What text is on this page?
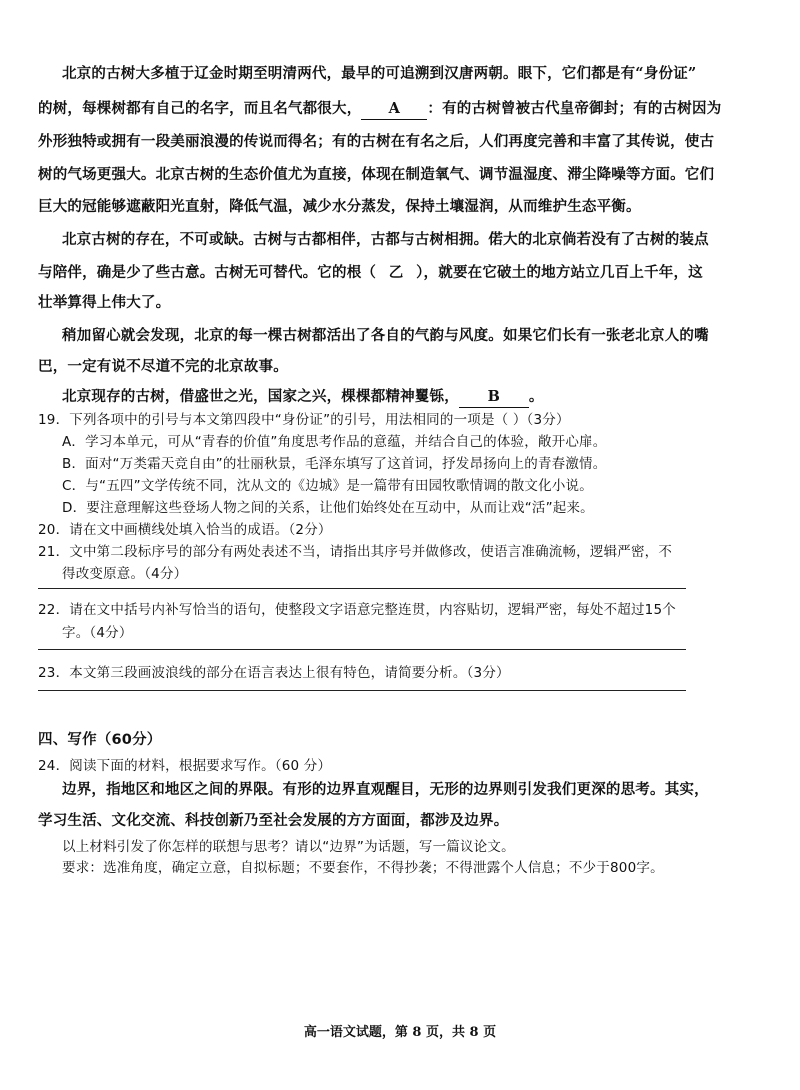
北京的古树大多植于辽金时期至明清两代，最早的可追溯到汉唐两朝。眼下，它们都是有“身份证”
的树，每棵树都有自己的名字，而且名气都很大， A ：有的古树曾被古代皇帝御封；有的古树因为
外形独特或拥有一段美丽浪漫的传说而得名；有的古树在有名之后，人们再度完善和丰富了其传说，使古
树的气场更强大。北京古树的生态价值尤为直接，体现在制造氧气、调节温湿度、滞尘降噪等方面。它们
巨大的冠能够遮蔽阳光直射，降低气温，减少水分蒸发，保持土壤湿润，从而维护生态平衡。
北京古树的存在，不可或缺。古树与古都相伴，古都与古树相拥。偌大的北京倘若没有了古树的装点
与陪伴，确是少了些古意。古树无可替代。它的根（ 乙 ），就要在它破土的地方站立几百上千年，这
壮举算得上伟大了。
稍加留心就会发现，北京的每一棵古树都活出了各自的气韵与风度。如果它们长有一张老北京人的嘴
巴，一定有说不尽道不完的北京故事。
北京现存的古树，借盛世之光，国家之兴，棵棵都精神矍铄， B 。
19．下列各项中的引号与本文第四段中“身份证”的引号，用法相同的一项是（ ）（3分）
A．学习本单元，可从“青春的价值”角度思考作品的意蕴，并结合自己的体验，敞开心扉。
B．面对“万类霜天竞自由”的壮丽秋景，毛泽东填写了这首词，抒发昂扬向上的青春激情。
C．与“五四”文学传统不同，沈从文的《边城》是一篇带有田园牧歌情调的散文化小说。
D．要注意理解这些登场人物之间的关系，让他们始终处在互动中，从而让戏“活”起来。
20．请在文中画横线处填入恰当的成语。（2分）
21．文中第二段标序号的部分有两处表述不当，请指出其序号并做修改，使语言准确流畅，逻辑严密，不
得改变原意。（4分）
22．请在文中括号内补写恰当的语句，使整段文字语意完整连贯，内容贴切，逻辑严密，每处不超过15个
字。（4分）
23．本文第三段画波浪线的部分在语言表达上很有特色，请简要分析。（3分）
四、写作（60分）
24．阅读下面的材料，根据要求写作。（60 分）
边界，指地区和地区之间的界限。有形的边界直观醒目，无形的边界则引发我们更深的思考。其实，
学习生活、文化交流、科技创新乃至社会发展的方方面面，都涉及边界。
以上材料引发了你怎样的联想与思考？请以“边界”为话题，写一篇议论文。
要求：选准角度，确定立意，自拟标题；不要套作，不得抄袭；不得泄露个人信息；不少于800字。
高一语文试题，第 8 页，共 8 页
